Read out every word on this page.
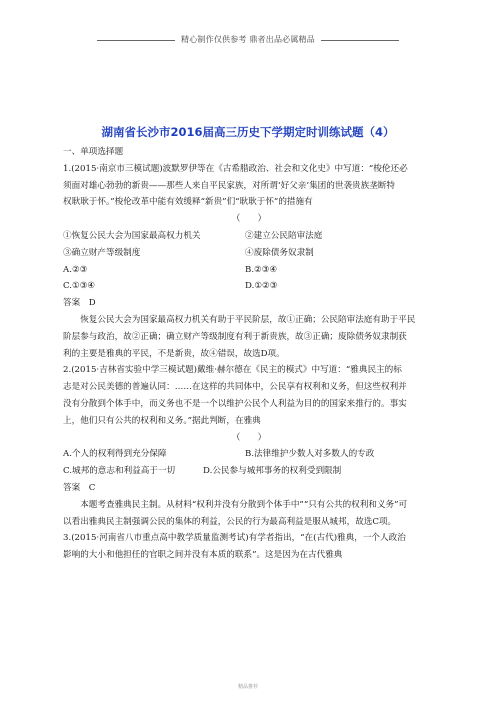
精心制作仅供参考 鼎者出品必属精品
湖南省长沙市2016届高三历史下学期定时训练试题（4）

一、单项选择题

1.(2015·南京市三模试题)波默罗伊等在《古希腊政治、社会和文化史》中写道：“梭伦还必

须面对雄心勃勃的新贵——那些人来自平民家族，对所谓‘好父亲’集团的世袭贵族垄断特

权耿耿于怀。”梭伦改革中能有效缓释“新贵”们“耿耿于怀”的措施有

（　　）

①恢复公民大会为国家最高权力机关	②建立公民陪审法庭
③确立财产等级制度	④废除债务奴隶制
A.②③	B.②③④
C.①③④	D.①②③

答案　D

恢复公民大会为国家最高权力机关有助于平民阶层，故①正确；公民陪审法庭有助于平民

阶层参与政治，故②正确；确立财产等级制度有利于新贵族，故③正确；废除债务奴隶制获

利的主要是雅典的平民，不是新贵，故④错误，故选D项。

2.(2015·吉林省实验中学三模试题)戴维·赫尔德在《民主的模式》中写道：“雅典民主的标

志是对公民美德的普遍认同：……在这样的共同体中，公民享有权利和义务，但这些权利并

没有分散到个体手中，而义务也不是一个以维护公民个人利益为目的的国家来推行的。事实

上，他们只有公共的权利和义务。”据此判断，在雅典

（　　）

A.个人的权利得到充分保障	B.法律维护少数人对多数人的专政
C.城邦的意志和利益高于一切	D.公民参与城邦事务的权利受到限制

答案　C

本题考查雅典民主制。从材料“权利并没有分散到个体手中”“只有公共的权利和义务”可

以看出雅典民主制强调公民的集体的利益，公民的行为最高利益是服从城邦，故选C项。

3.(2015·河南省八市重点高中教学质量监测考试)有学者指出，“在(古代)雅典，一个人政治

影响的大小和他担任的官职之间并没有本质的联系”。这是因为在古代雅典

精品推荐
